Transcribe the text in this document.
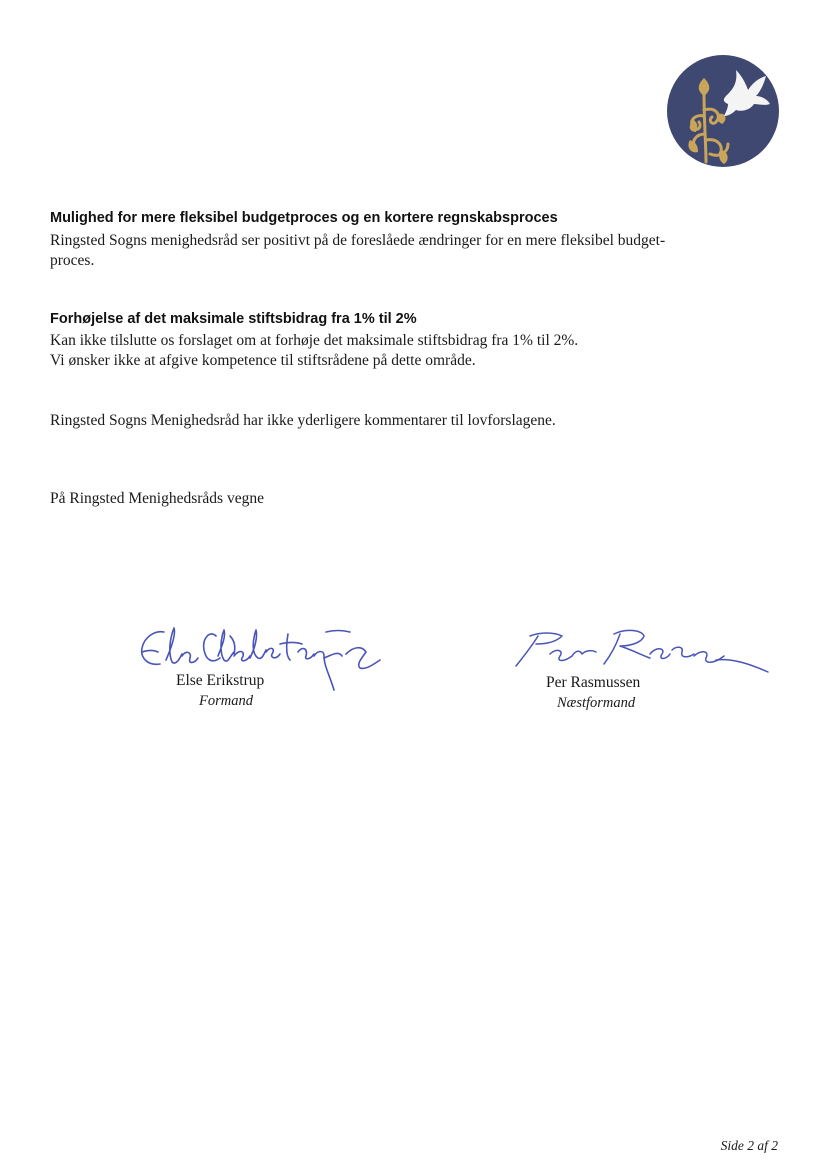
Mulighed for mere fleksibel budgetproces og en kortere regnskabsproces
Ringsted Sogns menighedsråd ser positivt på de foreslåede ændringer for en mere fleksibel budget-
proces.
Forhøjelse af det maksimale stiftsbidrag fra 1% til 2%
Kan ikke tilslutte os forslaget om at forhøje det maksimale stiftsbidrag fra 1% til 2%.
Vi ønsker ikke at afgive kompetence til stiftsrådene på dette område.
Ringsted Sogns Menighedsråd har ikke yderligere kommentarer til lovforslagene.
På Ringsted Menighedsråds vegne
Else Erikstrup
Formand
Per Rasmussen
Næstformand
Side 2 af 2
